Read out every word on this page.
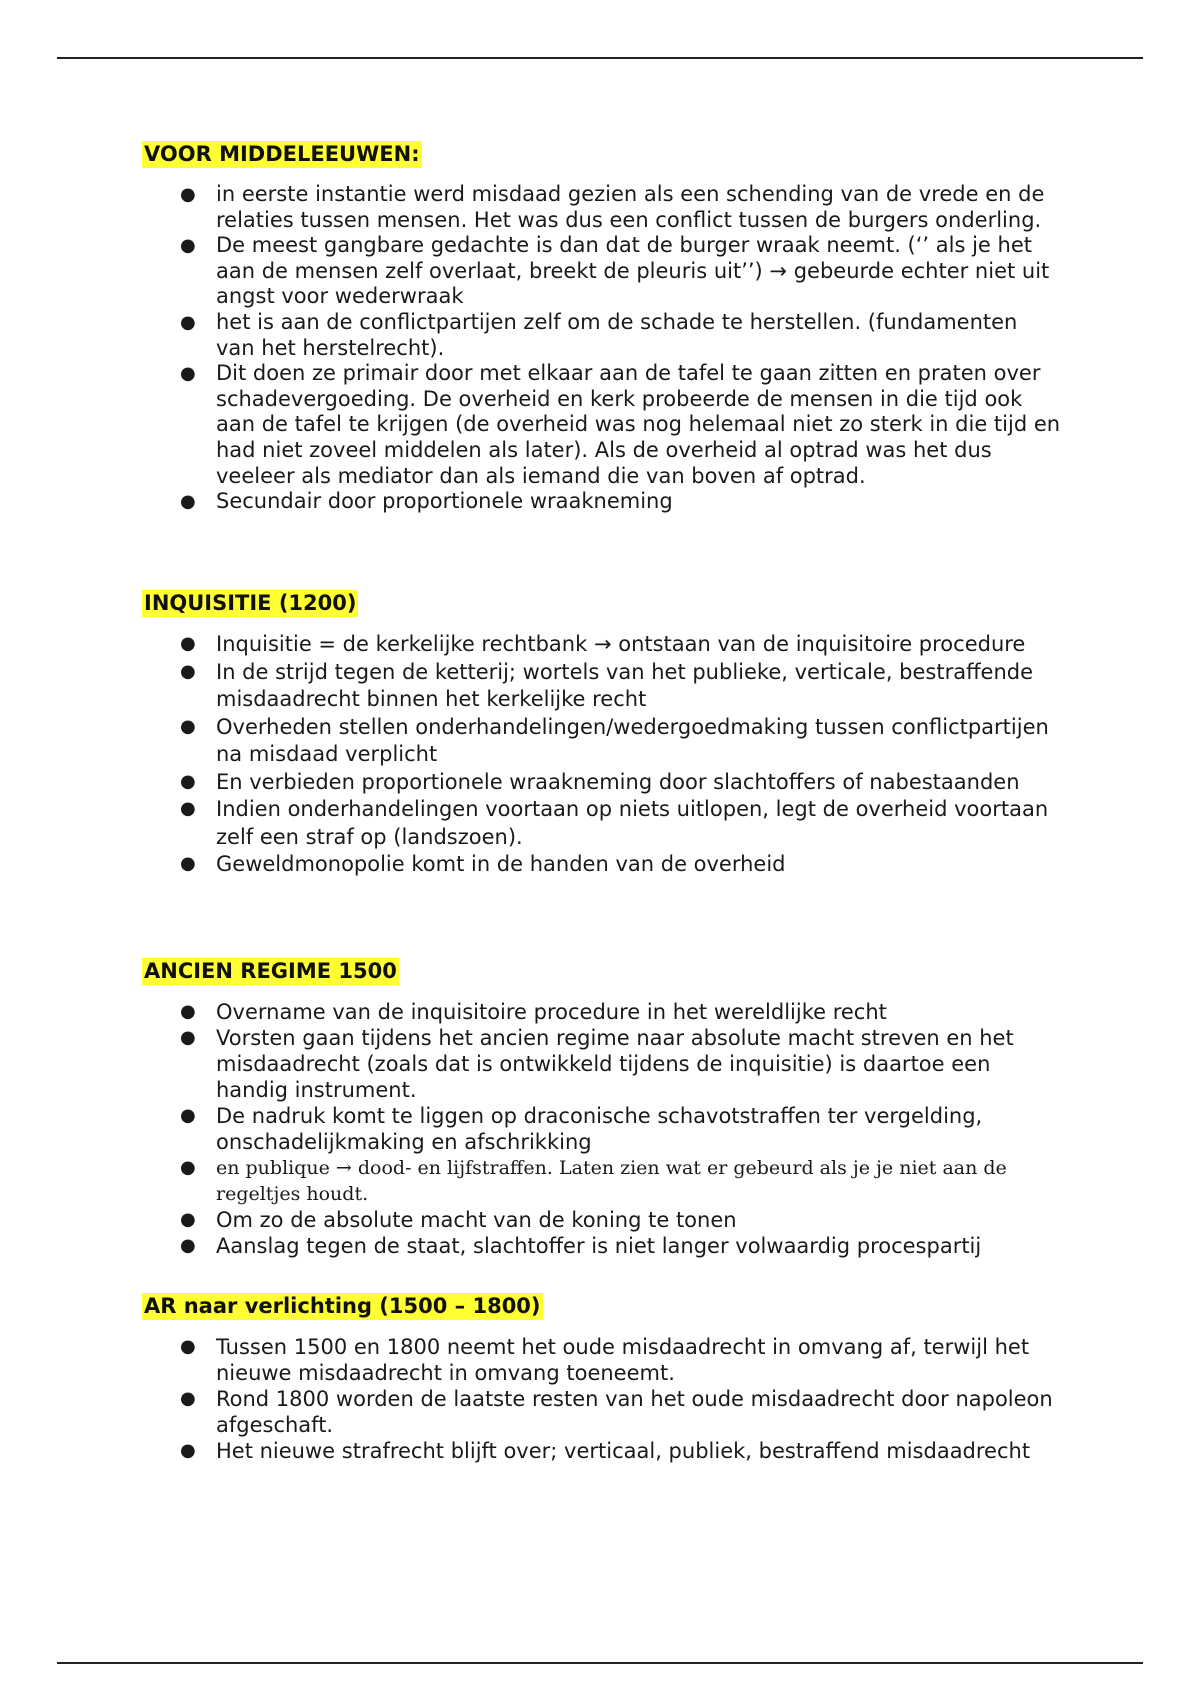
VOOR MIDDELEEUWEN:
● in eerste instantie werd misdaad gezien als een schending van de vrede en de relaties tussen mensen. Het was dus een conflict tussen de burgers onderling.
● De meest gangbare gedachte is dan dat de burger wraak neemt. (‘’ als je het aan de mensen zelf overlaat, breekt de pleuris uit’’) → gebeurde echter niet uit angst voor wederwraak
● het is aan de conflictpartijen zelf om de schade te herstellen. (fundamenten van het herstelrecht).
● Dit doen ze primair door met elkaar aan de tafel te gaan zitten en praten over schadevergoeding. De overheid en kerk probeerde de mensen in die tijd ook aan de tafel te krijgen (de overheid was nog helemaal niet zo sterk in die tijd en had niet zoveel middelen als later). Als de overheid al optrad was het dus veeleer als mediator dan als iemand die van boven af optrad.
● Secundair door proportionele wraakneming
INQUISITIE (1200)
● Inquisitie = de kerkelijke rechtbank → ontstaan van de inquisitoire procedure
● In de strijd tegen de ketterij; wortels van het publieke, verticale, bestraffende misdaadrecht binnen het kerkelijke recht
● Overheden stellen onderhandelingen/wedergoedmaking tussen conflictpartijen na misdaad verplicht
● En verbieden proportionele wraakneming door slachtoffers of nabestaanden
● Indien onderhandelingen voortaan op niets uitlopen, legt de overheid voortaan zelf een straf op (landszoen).
● Geweldmonopolie komt in de handen van de overheid
ANCIEN REGIME 1500
● Overname van de inquisitoire procedure in het wereldlijke recht
● Vorsten gaan tijdens het ancien regime naar absolute macht streven en het misdaadrecht (zoals dat is ontwikkeld tijdens de inquisitie) is daartoe een handig instrument.
● De nadruk komt te liggen op draconische schavotstraffen ter vergelding, onschadelijkmaking en afschrikking
● en publique → dood- en lijfstraffen. Laten zien wat er gebeurd als je je niet aan de regeltjes houdt.
● Om zo de absolute macht van de koning te tonen
● Aanslag tegen de staat, slachtoffer is niet langer volwaardig procespartij
AR naar verlichting (1500 – 1800)
● Tussen 1500 en 1800 neemt het oude misdaadrecht in omvang af, terwijl het nieuwe misdaadrecht in omvang toeneemt.
● Rond 1800 worden de laatste resten van het oude misdaadrecht door napoleon afgeschaft.
● Het nieuwe strafrecht blijft over; verticaal, publiek, bestraffend misdaadrecht
